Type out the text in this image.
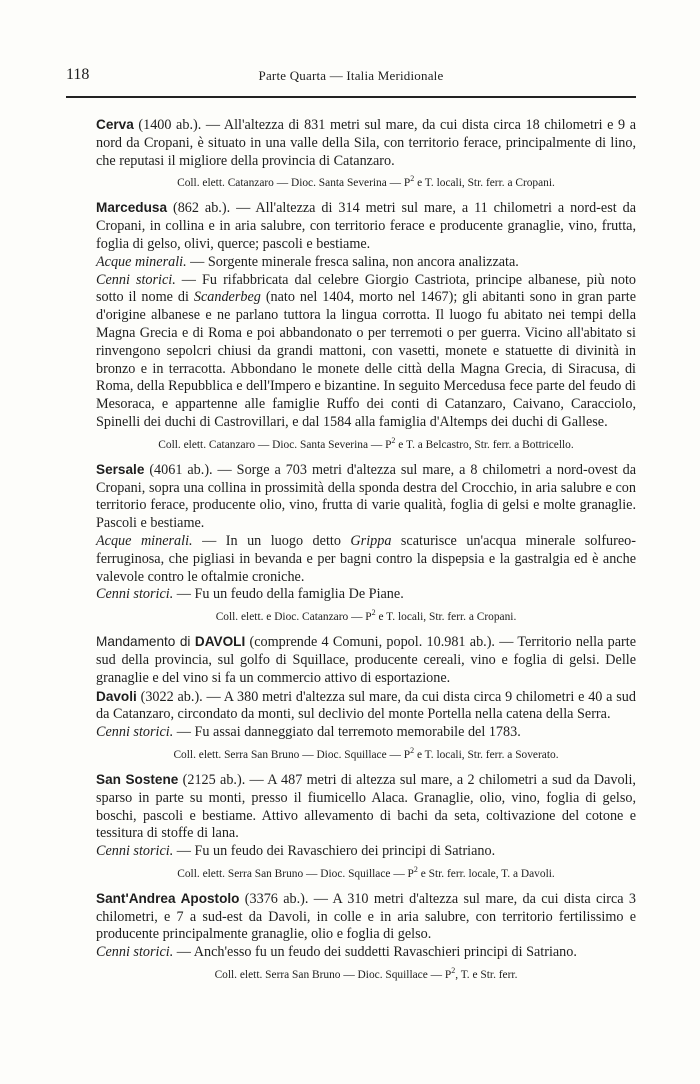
118	Parte Quarta — Italia Meridionale

Cerva (1400 ab.). — All'altezza di 831 metri sul mare, da cui dista circa 18 chilometri e 9 a nord da Cropani, è situato in una valle della Sila, con territorio ferace, principalmente di lino, che reputasi il migliore della provincia di Catanzaro.

Coll. elett. Catanzaro — Dioc. Santa Severina — $P^2$ e T. locali, Str. ferr. a Cropani.

Marcedusa (862 ab.). — All'altezza di 314 metri sul mare, a 11 chilometri a nord-est da Cropani, in collina e in aria salubre, con territorio ferace e producente granaglie, vino, frutta, foglia di gelso, olivi, querce; pascoli e bestiame.

Acque minerali. — Sorgente minerale fresca salina, non ancora analizzata.

Cenni storici. — Fu rifabbricata dal celebre Giorgio Castriota, principe albanese, più noto sotto il nome di Scanderbeg (nato nel 1404, morto nel 1467); gli abitanti sono in gran parte d'origine albanese e ne parlano tuttora la lingua corrotta. Il luogo fu abitato nei tempi della Magna Grecia e di Roma e poi abbandonato o per terremoti o per guerra. Vicino all'abitato si rinvengono sepolcri chiusi da grandi mattoni, con vasetti, monete e statuette di divinità in bronzo e in terracotta. Abbondano le monete delle città della Magna Grecia, di Siracusa, di Roma, della Repubblica e dell'Impero e bizantine. In seguito Mercedusa fece parte del feudo di Mesoraca, e appartenne alle famiglie Ruffo dei conti di Catanzaro, Caivano, Caracciolo, Spinelli dei duchi di Castrovillari, e dal 1584 alla famiglia d'Altemps dei duchi di Gallese.

Coll. elett. Catanzaro — Dioc. Santa Severina — $P^2$ e T. a Belcastro, Str. ferr. a Bottricello.

Sersale (4061 ab.). — Sorge a 703 metri d'altezza sul mare, a 8 chilometri a nord-ovest da Cropani, sopra una collina in prossimità della sponda destra del Crocchio, in aria salubre e con territorio ferace, producente olio, vino, frutta di varie qualità, foglia di gelsi e molte granaglie. Pascoli e bestiame.

Acque minerali. — In un luogo detto Grippa scaturisce un'acqua minerale solfureo-ferruginosa, che pigliasi in bevanda e per bagni contro la dispepsia e la gastralgia ed è anche valevole contro le oftalmie croniche.

Cenni storici. — Fu un feudo della famiglia De Piane.

Coll. elett. e Dioc. Catanzaro — $P^2$ e T. locali, Str. ferr. a Cropani.

Mandamento di DAVOLI (comprende 4 Comuni, popol. 10.981 ab.). — Territorio nella parte sud della provincia, sul golfo di Squillace, producente cereali, vino e foglia di gelsi. Delle granaglie e del vino si fa un commercio attivo di esportazione.

Davoli (3022 ab.). — A 380 metri d'altezza sul mare, da cui dista circa 9 chilometri e 40 a sud da Catanzaro, circondato da monti, sul declivio del monte Portella nella catena della Serra.

Cenni storici. — Fu assai danneggiato dal terremoto memorabile del 1783.

Coll. elett. Serra San Bruno — Dioc. Squillace — $P^2$ e T. locali, Str. ferr. a Soverato.

San Sostene (2125 ab.). — A 487 metri di altezza sul mare, a 2 chilometri a sud da Davoli, sparso in parte su monti, presso il fiumicello Alaca. Granaglie, olio, vino, foglia di gelso, boschi, pascoli e bestiame. Attivo allevamento di bachi da seta, coltivazione del cotone e tessitura di stoffe di lana.

Cenni storici. — Fu un feudo dei Ravaschiero dei principi di Satriano.

Coll. elett. Serra San Bruno — Dioc. Squillace — $P^2$ e Str. ferr. locale, T. a Davoli.

Sant'Andrea Apostolo (3376 ab.). — A 310 metri d'altezza sul mare, da cui dista circa 3 chilometri, e 7 a sud-est da Davoli, in colle e in aria salubre, con territorio fertilissimo e producente principalmente granaglie, olio e foglia di gelso.

Cenni storici. — Anch'esso fu un feudo dei suddetti Ravaschieri principi di Satriano.

Coll. elett. Serra San Bruno — Dioc. Squillace — $P^2$, T. e Str. ferr.
